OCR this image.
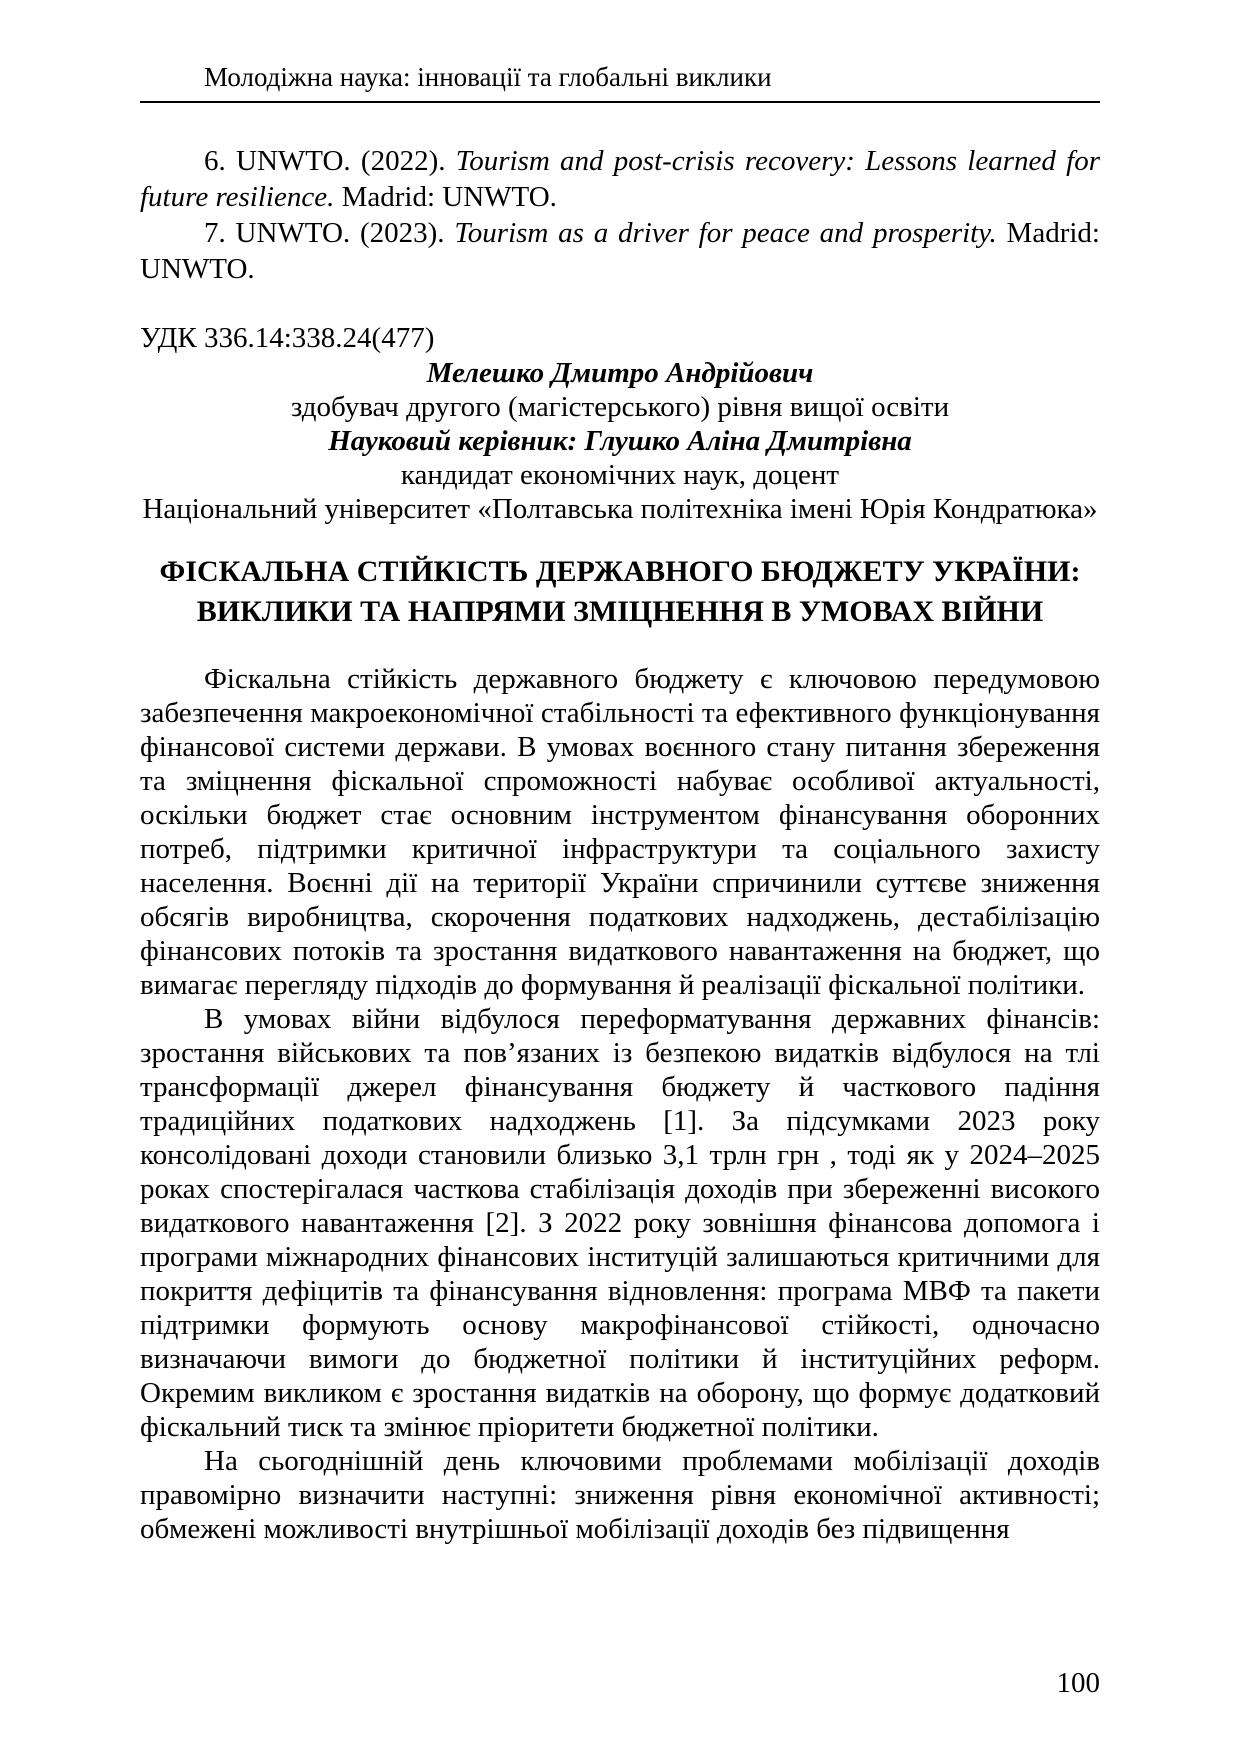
Молодіжна наука: інновації та глобальні виклики

6. UNWTO. (2022). Tourism and post-crisis recovery: Lessons learned for future resilience. Madrid: UNWTO.

7. UNWTO. (2023). Tourism as a driver for peace and prosperity. Madrid: UNWTO.

УДК 336.14:338.24(477)

Мелешко Дмитро Андрійович

здобувач другого (магістерського) рівня вищої освіти

Науковий керівник: Глушко Аліна Дмитрівна

кандидат економічних наук, доцент

Національний університет «Полтавська політехніка імені Юрія Кондратюка»

ФІСКАЛЬНА СТІЙКІСТЬ ДЕРЖАВНОГО БЮДЖЕТУ УКРАЇНИ: ВИКЛИКИ ТА НАПРЯМИ ЗМІЦНЕННЯ В УМОВАХ ВІЙНИ

Фіскальна стійкість державного бюджету є ключовою передумовою забезпечення макроекономічної стабільності та ефективного функціонування фінансової системи держави. В умовах воєнного стану питання збереження та зміцнення фіскальної спроможності набуває особливої актуальності, оскільки бюджет стає основним інструментом фінансування оборонних потреб, підтримки критичної інфраструктури та соціального захисту населення. Воєнні дії на території України спричинили суттєве зниження обсягів виробництва, скорочення податкових надходжень, дестабілізацію фінансових потоків та зростання видаткового навантаження на бюджет, що вимагає перегляду підходів до формування й реалізації фіскальної політики.

В умовах війни відбулося переформатування державних фінансів: зростання військових та пов’язаних із безпекою видатків відбулося на тлі трансформації джерел фінансування бюджету й часткового падіння традиційних податкових надходжень [1]. За підсумками 2023 року консолідовані доходи становили близько 3,1 трлн грн , тоді як у 2024–2025 роках спостерігалася часткова стабілізація доходів при збереженні високого видаткового навантаження [2]. З 2022 року зовнішня фінансова допомога і програми міжнародних фінансових інституцій залишаються критичними для покриття дефіцитів та фінансування відновлення: програма МВФ та пакети підтримки формують основу макрофінансової стійкості, одночасно визначаючи вимоги до бюджетної політики й інституційних реформ. Окремим викликом є зростання видатків на оборону, що формує додатковий фіскальний тиск та змінює пріоритети бюджетної політики.

На сьогоднішній день ключовими проблемами мобілізації доходів правомірно визначити наступні: зниження рівня економічної активності; обмежені можливості внутрішньої мобілізації доходів без підвищення

100
